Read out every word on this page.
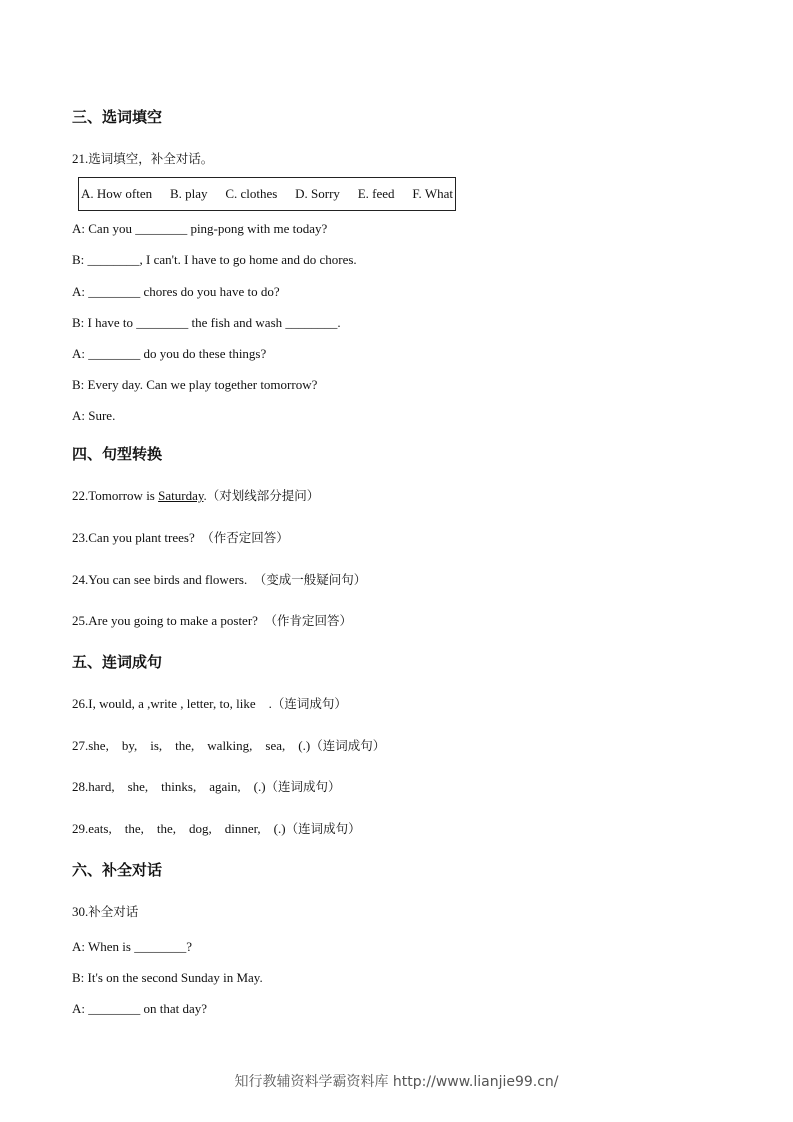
三、选词填空
21.选词填空，补全对话。
A. How often B. play C. clothes D. Sorry E. feed F. What
A: Can you ________ ping-pong with me today?
B: ________, I can't. I have to go home and do chores.
A: ________ chores do you have to do?
B: I have to ________ the fish and wash ________.
A: ________ do you do these things?
B: Every day. Can we play together tomorrow?
A: Sure.
四、句型转换
22.Tomorrow is Saturday.（对划线部分提问）
23.Can you plant trees? （作否定回答）
24.You can see birds and flowers. （变成一般疑问句）
25.Are you going to make a poster? （作肯定回答）
五、连词成句
26.I, would, a ,write , letter, to, like    .（连词成句）
27.she,    by,    is,    the,    walking,    sea,    (.)（连词成句）
28.hard,    she,    thinks,    again,    (.)（连词成句）
29.eats,    the,    the,    dog,    dinner,    (.)（连词成句）
六、补全对话
30.补全对话
A: When is ________?
B: It's on the second Sunday in May.
A: ________ on that day?
知行教辅资料学霸资料库 http://www.lianjie99.cn/
